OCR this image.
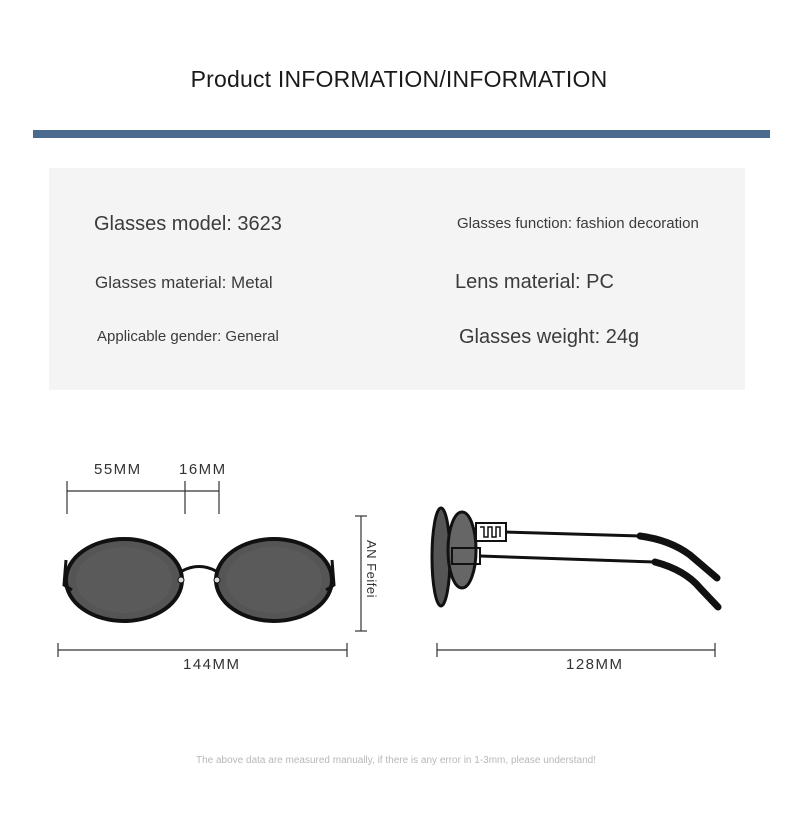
Product INFORMATION/INFORMATION
Glasses model: 3623	Glasses function: fashion decoration
Glasses material: Metal	Lens material: PC
Applicable gender: General	Glasses weight: 24g
55MM 16MM
AN Feifei
144MM	128MM
The above data are measured manually, if there is any error in 1-3mm, please understand!
